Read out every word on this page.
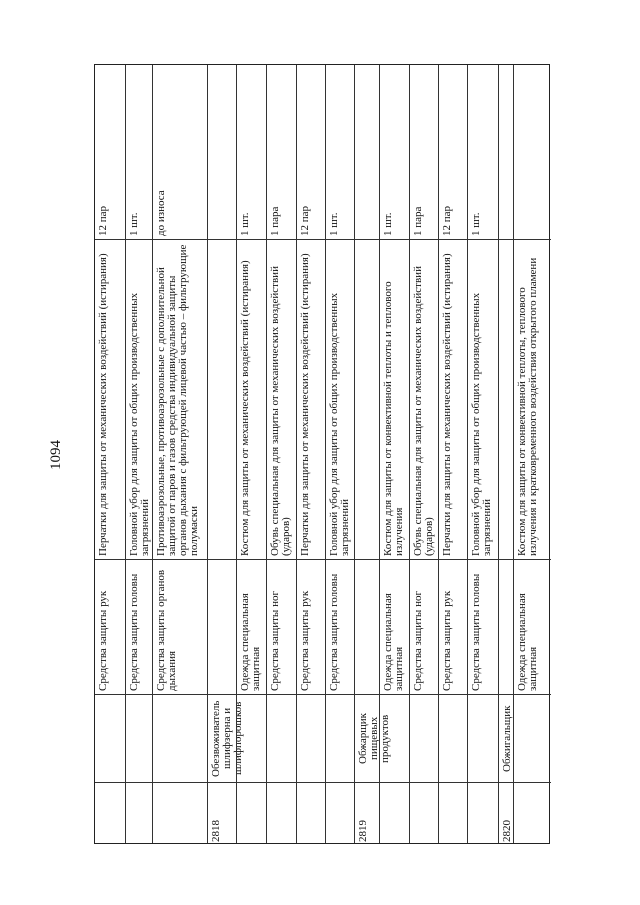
1094
12 пар
Перчатки для защиты от механических воздействий (истирания)
Средства защиты рук
1 шт.
Головной убор для защиты от общих производственных загрязнений
Средства защиты головы
до износа
Противоаэрозольные, противоаэрозольные с дополнительной защитой от паров и газов средства индивидуальной защиты органов дыхания с фильтрующей лицевой частью – фильтрующие полумаски
Средства защиты органов дыхания
Обезвоживатель шлифзерна и шлифпорошков
2818
1 шт.
Костюм для защиты от механических воздействий (истирания)
Одежда специальная защитная
1 пара
Обувь специальная для защиты от механических воздействий (ударов)
Средства защиты ног
12 пар
Перчатки для защиты от механических воздействий (истирания)
Средства защиты рук
1 шт.
Головной убор для защиты от общих производственных загрязнений
Средства защиты головы
Обжарщик пищевых продуктов
2819
1 шт.
Костюм для защиты от конвективной теплоты и теплового излучения
Одежда специальная защитная
1 пара
Обувь специальная для защиты от механических воздействий (ударов)
Средства защиты ног
12 пар
Перчатки для защиты от механических воздействий (истирания)
Средства защиты рук
1 шт.
Головной убор для защиты от общих производственных загрязнений
Средства защиты головы
Обжигальщик
2820
Костюм для защиты от конвективной теплоты, теплового излучения и кратковременного воздействия открытого пламени
Одежда специальная защитная
